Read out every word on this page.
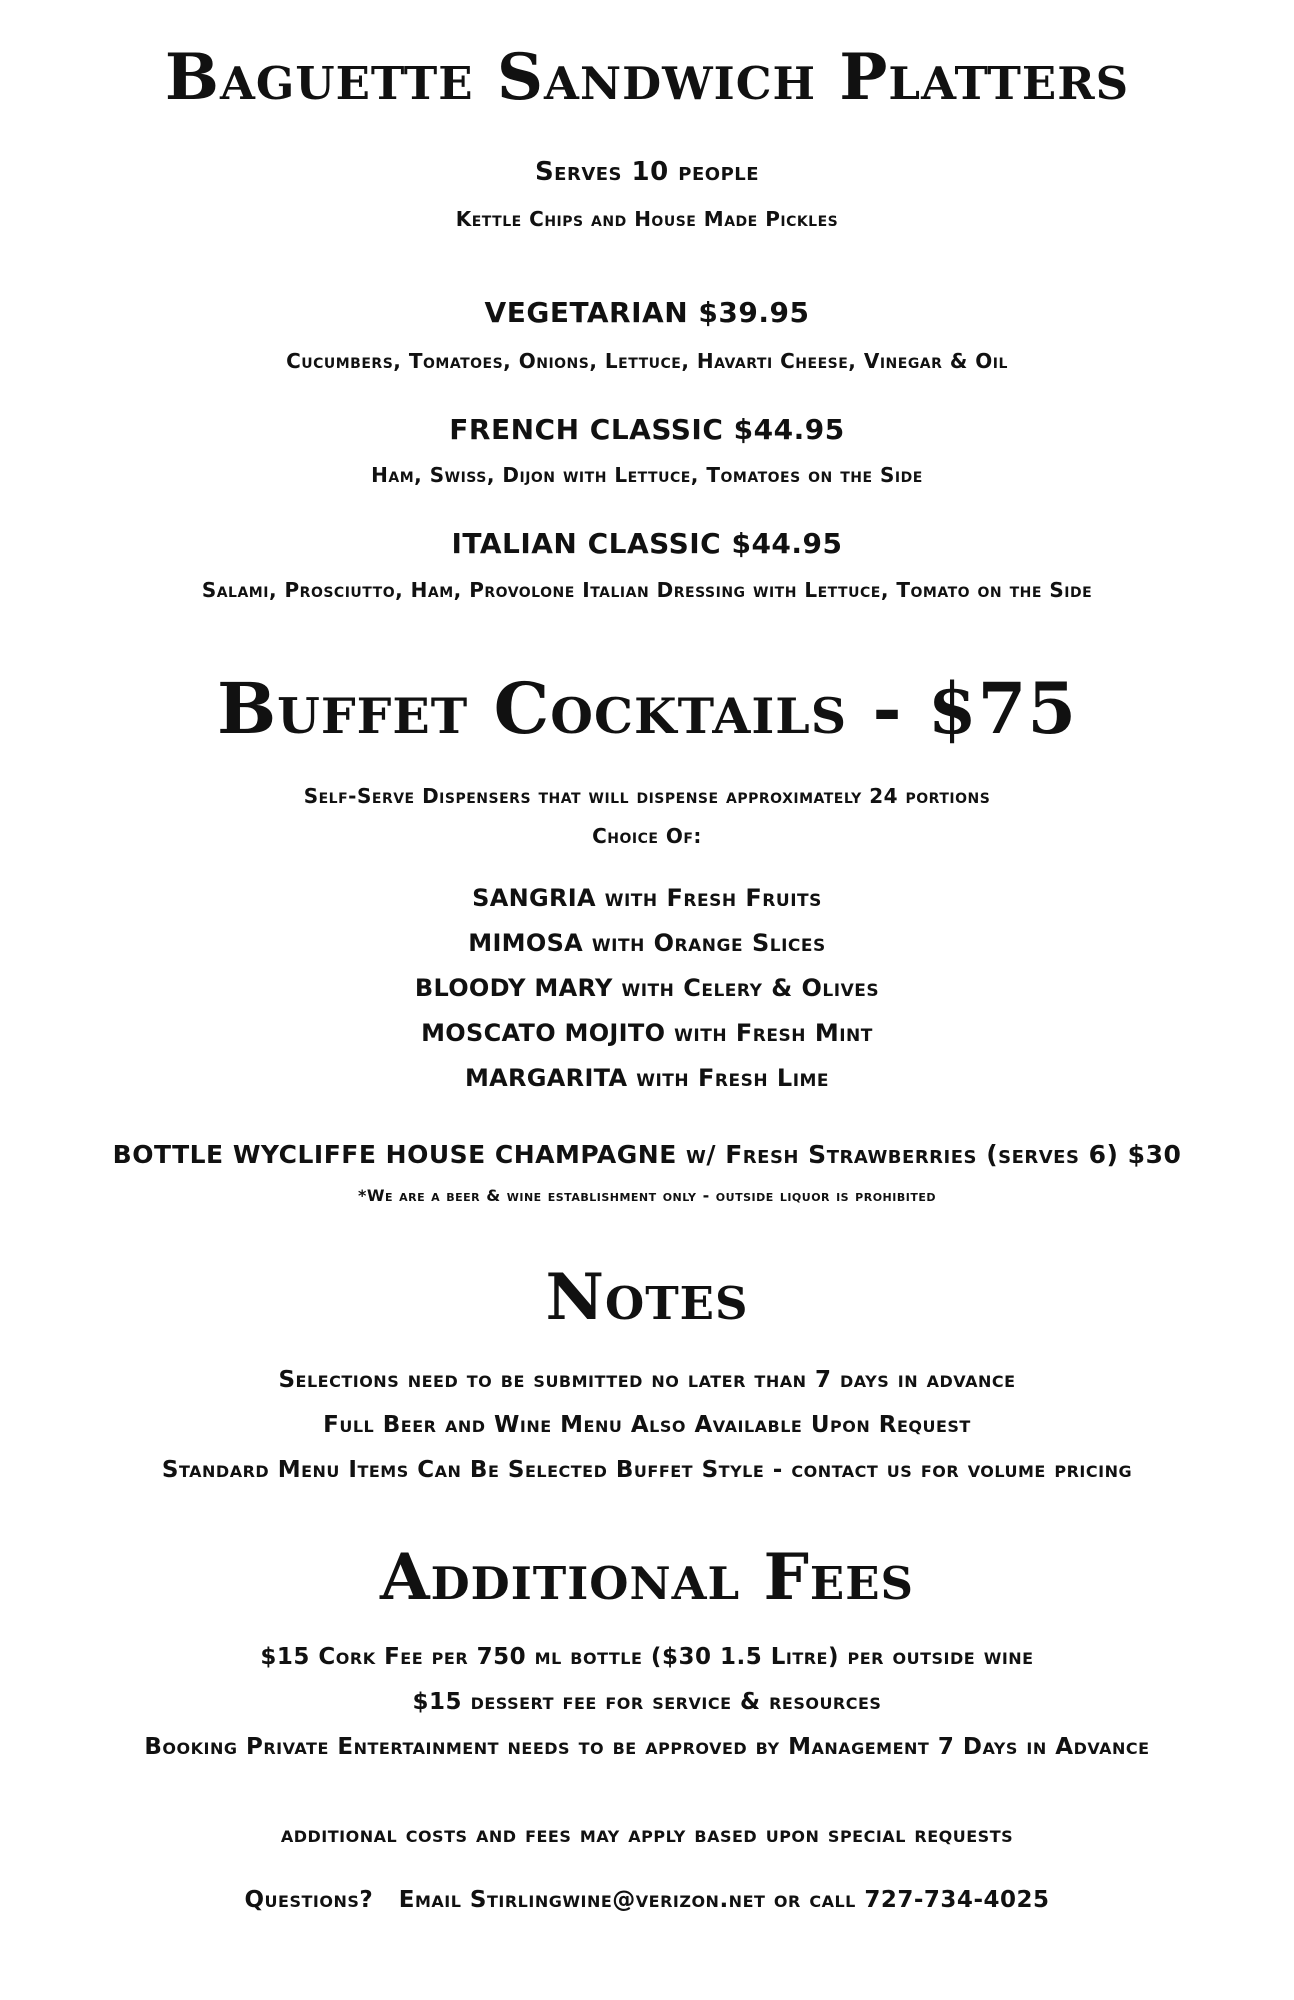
Baguette Sandwich Platters
Serves 10 people
Kettle Chips and House Made Pickles
VEGETARIAN $39.95
Cucumbers, Tomatoes, Onions, Lettuce, Havarti Cheese, Vinegar & Oil
FRENCH CLASSIC $44.95
Ham, Swiss, Dijon with Lettuce, Tomatoes on the Side
ITALIAN CLASSIC $44.95
Salami, Prosciutto, Ham, Provolone Italian Dressing with Lettuce, Tomato on the Side
Buffet Cocktails - $75
Self-Serve Dispensers that will dispense approximately 24 portions
Choice Of:
SANGRIA with Fresh Fruits
MIMOSA with Orange Slices
BLOODY MARY with Celery & Olives
MOSCATO MOJITO with Fresh Mint
MARGARITA with Fresh Lime
BOTTLE WYCLIFFE HOUSE CHAMPAGNE w/ Fresh Strawberries (serves 6) $30
*We are a beer & wine establishment only - outside liquor is prohibited
Notes
Selections need to be submitted no later than 7 days in advance
Full Beer and Wine Menu Also Available Upon Request
Standard Menu Items Can Be Selected Buffet Style - contact us for volume pricing
Additional Fees
$15 Cork Fee per 750 ml bottle ($30 1.5 Litre) per outside wine
$15 dessert fee for service & resources
Booking Private Entertainment needs to be approved by Management 7 Days in Advance
additional costs and fees may apply based upon special requests
Questions?   Email Stirlingwine@verizon.net or call 727-734-4025
